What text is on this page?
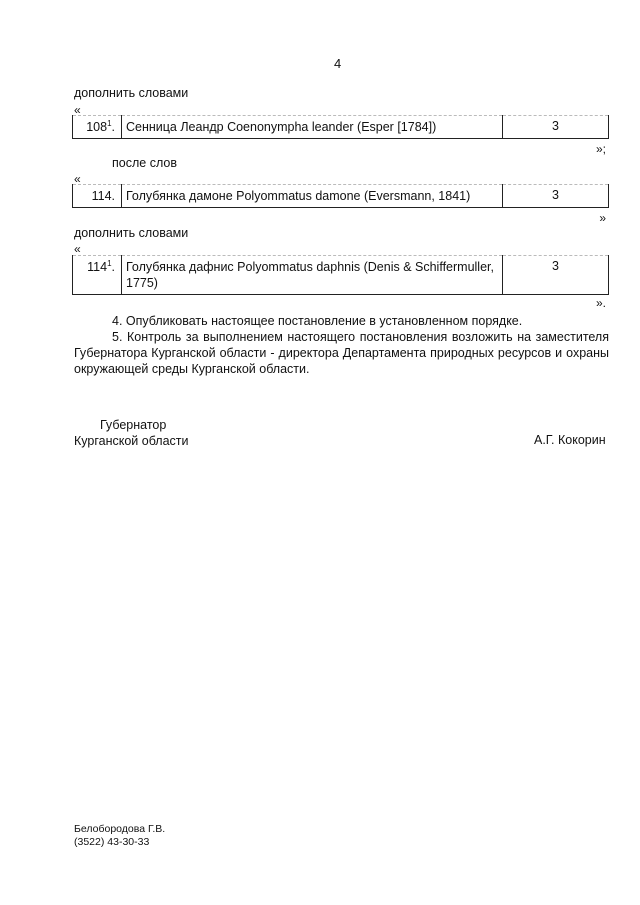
4
дополнить словами
«
$108^1$.	Сенница Леандр Coenonympha leander (Esper [1784])	3
»;
после слов
«
114.	Голубянка дамоне Polyommatus damone (Eversmann, 1841)	3
»
дополнить словами
«
$114^1$.	Голубянка дафнис Polyommatus daphnis (Denis & Schiffermuller, 1775)	3
».
4. Опубликовать настоящее постановление в установленном порядке.
5. Контроль за выполнением настоящего постановления возложить на заместителя Губернатора Курганской области - директора Департамента природных ресурсов и охраны окружающей среды Курганской области.
Губернатор
Курганской области	А.Г. Кокорин
Белобородова Г.В.
(3522) 43-30-33
